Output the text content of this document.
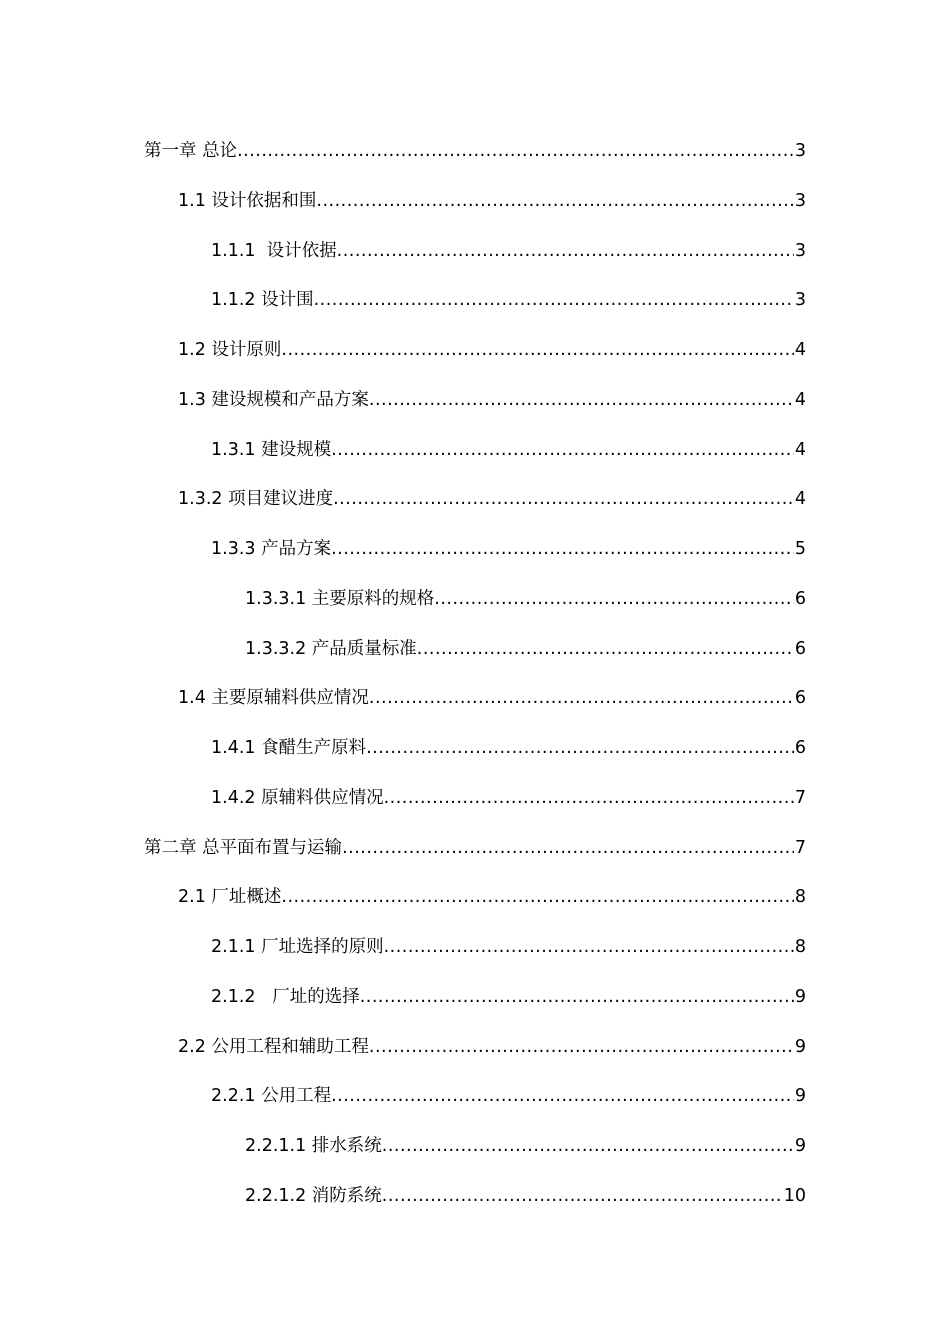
第一章 总论 .....	3
1.1 设计依据和围 .....	3
1.1.1  设计依据 .....	3
1.1.2 设计围 .....	3
1.2 设计原则 .....	4
1.3 建设规模和产品方案 .....	4
1.3.1 建设规模 .....	4
1.3.2 项目建议进度 .....	4
1.3.3 产品方案 .....	5
1.3.3.1 主要原料的规格 .....	6
1.3.3.2 产品质量标准 .....	6
1.4 主要原辅料供应情况 .....	6
1.4.1 食醋生产原料 .....	6
1.4.2 原辅料供应情况 .....	7
第二章 总平面布置与运输 .....	7
2.1 厂址概述 .....	8
2.1.1 厂址选择的原则 .....	8
2.1.2   厂址的选择 .....	9
2.2 公用工程和辅助工程 .....	9
2.2.1 公用工程 .....	9
2.2.1.1 排水系统 .....	9
2.2.1.2 消防系统 .....	10
